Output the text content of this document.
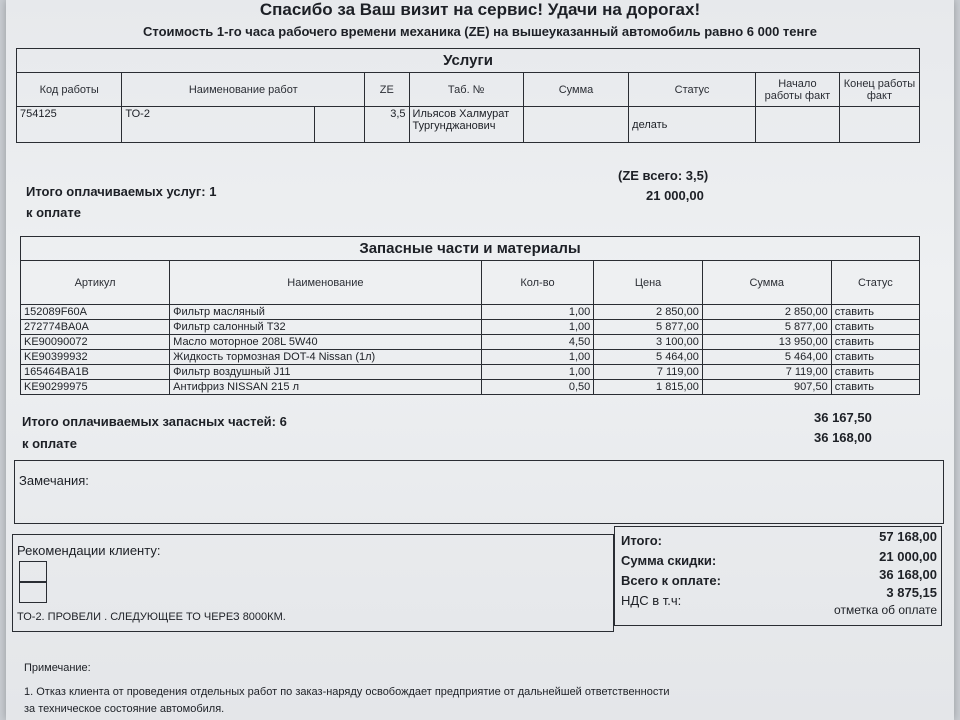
Спасибо за Ваш визит на сервис! Удачи на дорогах!
Стоимость 1-го часа рабочего времени механика (ZE) на вышеуказанный автомобиль равно 6 000 тенге
Услуги								
Код работы	Наименование работ		ZE	Таб. №	Сумма	Статус	Начало работы факт	Конец работы факт
754125	ТО-2		3,5	Ильясов Халмурат Тургунджанович		делать		
(ZE всего: 3,5)
Итого оплачиваемых услуг: 1
к оплате
21 000,00
Запасные части и материалы					
Артикул	Наименование	Кол-во	Цена	Сумма	Статус
152089F60A	Фильтр масляный	1,00	2 850,00	2 850,00	ставить
272774BA0A	Фильтр салонный Т32	1,00	5 877,00	5 877,00	ставить
KE90090072	Масло моторное 208L 5W40	4,50	3 100,00	13 950,00	ставить
KE90399932	Жидкость тормозная DOT-4 Nissan (1л)	1,00	5 464,00	5 464,00	ставить
165464BA1B	Фильтр воздушный J11	1,00	7 119,00	7 119,00	ставить
KE90299975	Антифриз NISSAN 215 л	0,50	1 815,00	907,50	ставить
Итого оплачиваемых запасных частей: 6	36 167,50
к оплате	36 168,00
Замечания:
Рекомендации клиенту:
ТО-2. ПРОВЕЛИ . СЛЕДУЮЩЕЕ ТО ЧЕРЕЗ 8000КМ.
Итого:	57 168,00
Сумма скидки:	21 000,00
Всего к оплате:	36 168,00
НДС в т.ч:
3 875,15
отметка об оплате
Примечание:
1. Отказ клиента от проведения отдельных работ по заказ-наряду освобождает предприятие от дальнейшей ответственности
за техническое состояние автомобиля.
